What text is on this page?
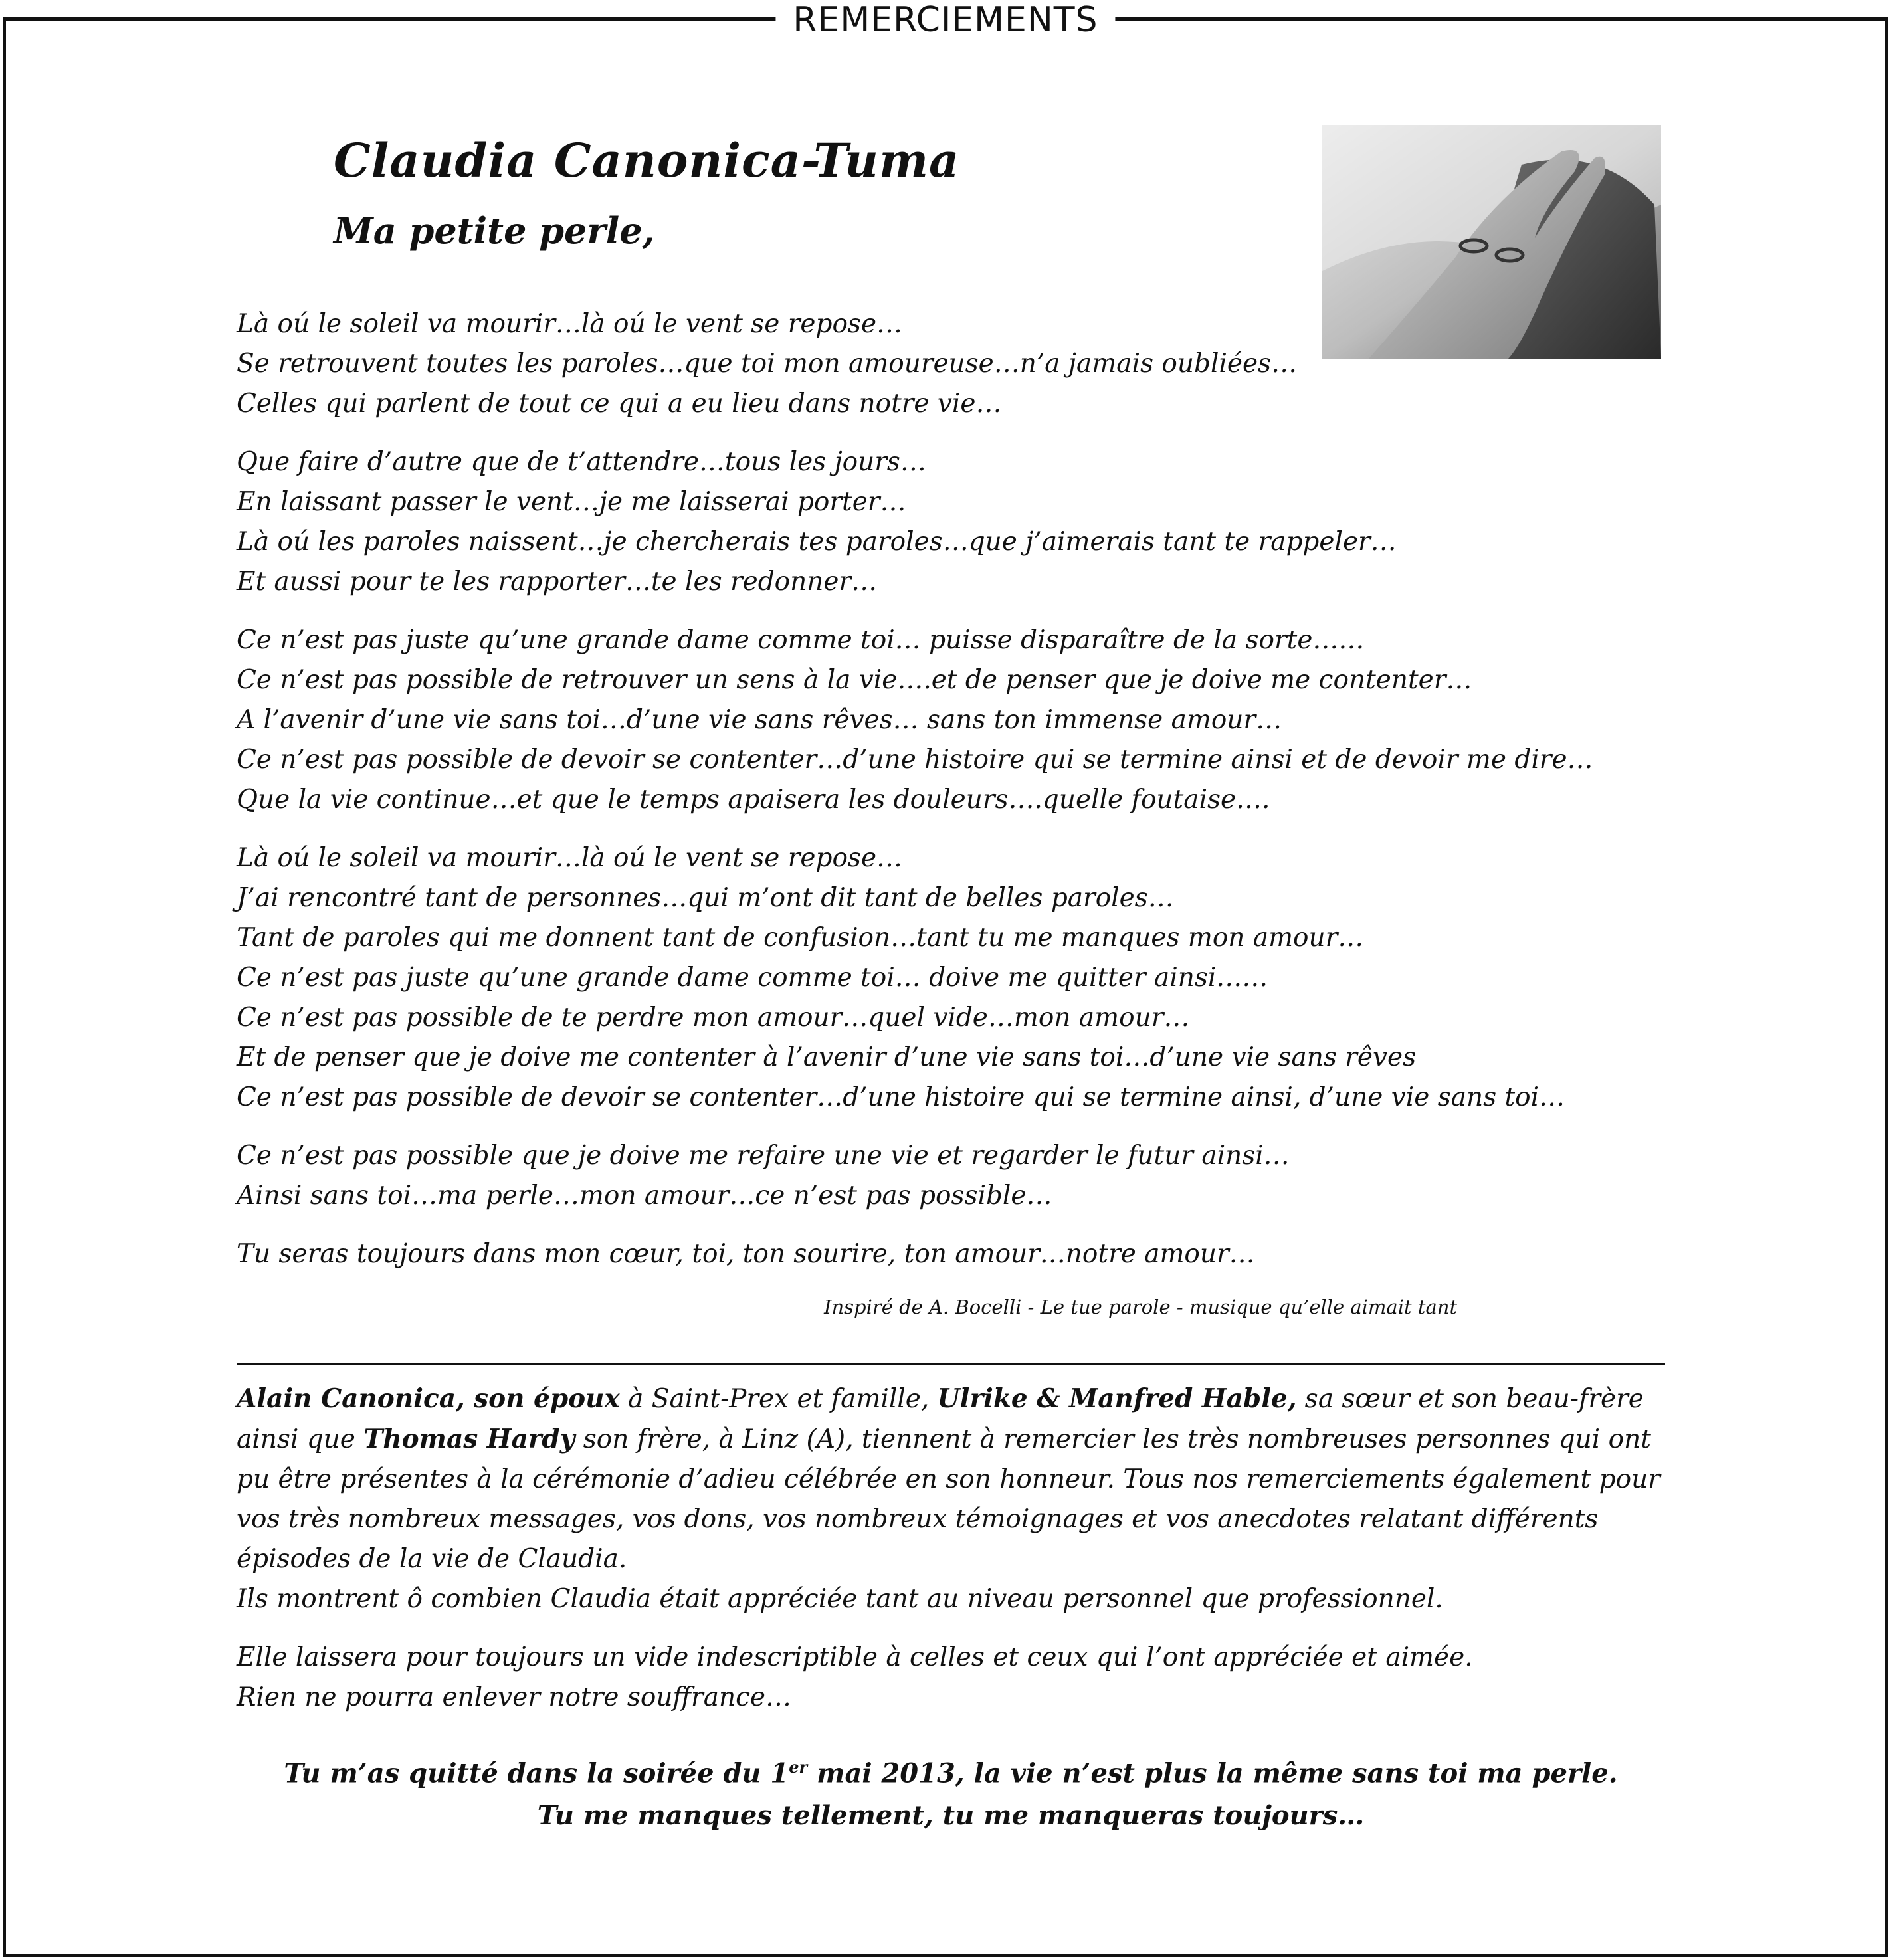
REMERCIEMENTS
Claudia Canonica-Tuma
Ma petite perle,
Là oú le soleil va mourir…là oú le vent se repose…
Se retrouvent toutes les paroles…que toi mon amoureuse…n’a jamais oubliées…
Celles qui parlent de tout ce qui a eu lieu dans notre vie…
Que faire d’autre que de t’attendre…tous les jours…
En laissant passer le vent…je me laisserai porter…
Là oú les paroles naissent…je chercherais tes paroles…que j’aimerais tant te rappeler…
Et aussi pour te les rapporter…te les redonner…
Ce n’est pas juste qu’une grande dame comme toi… puisse disparaître de la sorte……
Ce n’est pas possible de retrouver un sens à la vie….et de penser que je doive me contenter…
A l’avenir d’une vie sans toi…d’une vie sans rêves… sans ton immense amour…
Ce n’est pas possible de devoir se contenter…d’une histoire qui se termine ainsi et de devoir me dire…
Que la vie continue…et que le temps apaisera les douleurs….quelle foutaise….
Là oú le soleil va mourir…là oú le vent se repose…
J’ai rencontré tant de personnes…qui m’ont dit tant de belles paroles…
Tant de paroles qui me donnent tant de confusion…tant tu me manques mon amour…
Ce n’est pas juste qu’une grande dame comme toi… doive me quitter ainsi……
Ce n’est pas possible de te perdre mon amour…quel vide…mon amour…
Et de penser que je doive me contenter à l’avenir d’une vie sans toi…d’une vie sans rêves
Ce n’est pas possible de devoir se contenter…d’une histoire qui se termine ainsi, d’une vie sans toi…
Ce n’est pas possible que je doive me refaire une vie et regarder le futur ainsi…
Ainsi sans toi…ma perle…mon amour…ce n’est pas possible…
Tu seras toujours dans mon cœur, toi, ton sourire, ton amour…notre amour…
Inspiré de A. Bocelli - Le tue parole - musique qu’elle aimait tant
Alain Canonica, son époux à Saint-Prex et famille, Ulrike & Manfred Hable, sa sœur et son beau-frère
ainsi que Thomas Hardy son frère, à Linz (A), tiennent à remercier les très nombreuses personnes qui ont
pu être présentes à la cérémonie d’adieu célébrée en son honneur. Tous nos remerciements également pour
vos très nombreux messages, vos dons, vos nombreux témoignages et vos anecdotes relatant différents
épisodes de la vie de Claudia.
Ils montrent ô combien Claudia était appréciée tant au niveau personnel que professionnel.
Elle laissera pour toujours un vide indescriptible à celles et ceux qui l’ont appréciée et aimée.
Rien ne pourra enlever notre souffrance…
Tu m’as quitté dans la soirée du 1er mai 2013, la vie n’est plus la même sans toi ma perle.
Tu me manques tellement, tu me manqueras toujours…
